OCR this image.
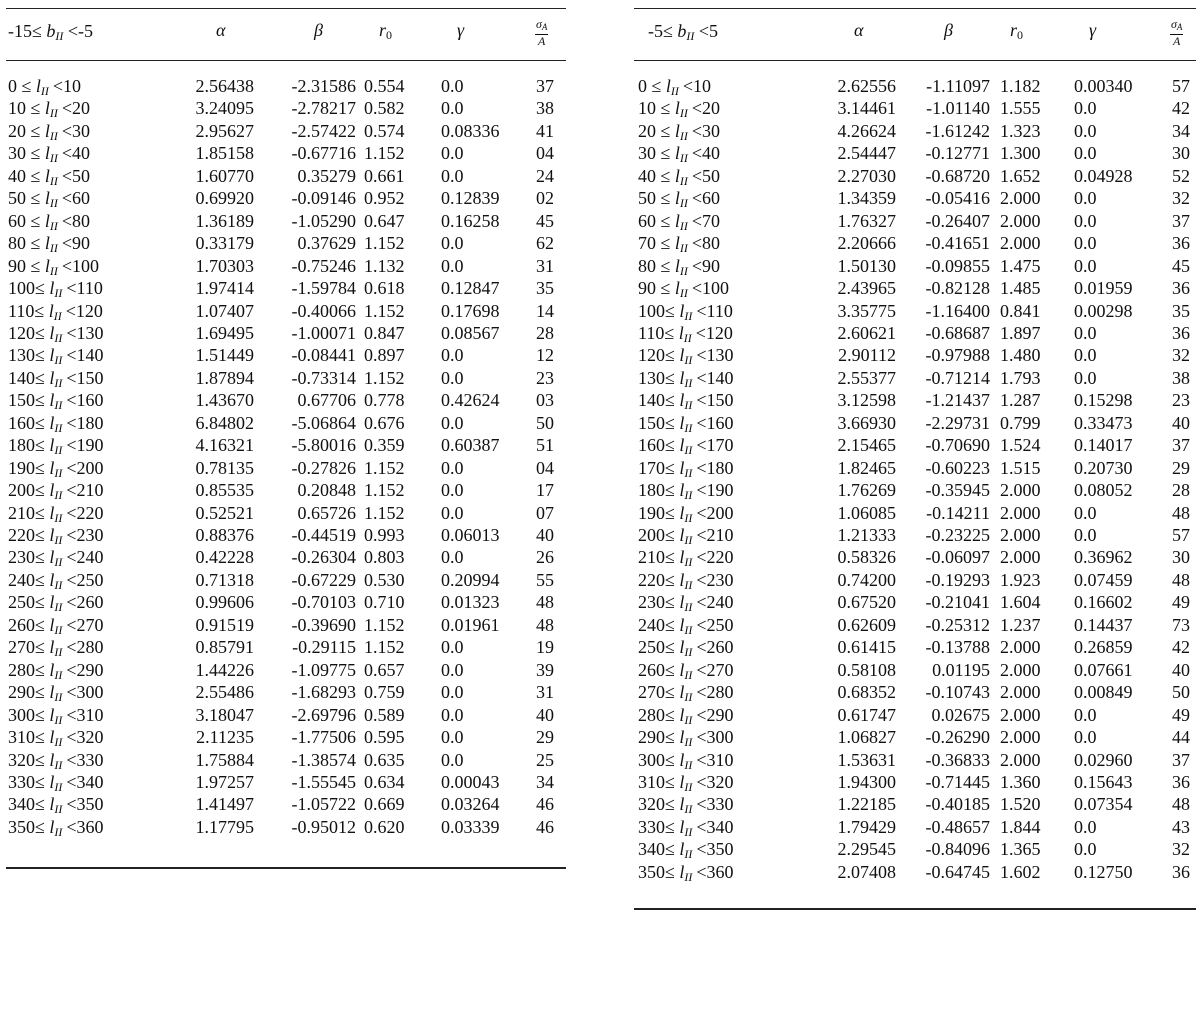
$-15\le b_{II} <-5$	α	β	$r_0$	γ	$\frac{\sigma_A}{A}$
$0 \le l_{II} <10$	2.56438 -2.31586 0.554 0.0	37
$10 \le l_{II} <20$	3.24095 -2.78217 0.582 0.0	38
$20 \le l_{II} <30$	2.95627 -2.57422 0.574 0.08336 41
$30 \le l_{II} <40$	1.85158 -0.67716 1.152 0.0	04
$40 \le l_{II} <50$	1.60770 0.35279 0.661 0.0	24
$50 \le l_{II} <60$	0.69920 -0.09146 0.952 0.12839 02
$60 \le l_{II} <80$	1.36189 -1.05290 0.647 0.16258 45
$80 \le l_{II} <90$	0.33179 0.37629 1.152 0.0	62
$90 \le l_{II} <100$	1.70303 -0.75246 1.132 0.0	31
$100\le l_{II} <110$	1.97414 -1.59784 0.618 0.12847 35
$110\le l_{II} <120$	1.07407 -0.40066 1.152 0.17698 14
$120\le l_{II} <130$	1.69495 -1.00071 0.847 0.08567 28
$130\le l_{II} <140$	1.51449 -0.08441 0.897 0.0	12
$140\le l_{II} <150$	1.87894 -0.73314 1.152 0.0	23
$150\le l_{II} <160$	1.43670 0.67706 0.778 0.42624 03
$160\le l_{II} <180$	6.84802 -5.06864 0.676 0.0	50
$180\le l_{II} <190$	4.16321 -5.80016 0.359 0.60387 51
$190\le l_{II} <200$	0.78135 -0.27826 1.152 0.0	04
$200\le l_{II} <210$	0.85535 0.20848 1.152 0.0	17
$210\le l_{II} <220$	0.52521 0.65726 1.152 0.0	07
$220\le l_{II} <230$	0.88376 -0.44519 0.993 0.06013 40
$230\le l_{II} <240$	0.42228 -0.26304 0.803 0.0	26
$240\le l_{II} <250$	0.71318 -0.67229 0.530 0.20994 55
$250\le l_{II} <260$	0.99606 -0.70103 0.710 0.01323 48
$260\le l_{II} <270$	0.91519 -0.39690 1.152 0.01961 48
$270\le l_{II} <280$	0.85791 -0.29115 1.152 0.0	19
$280\le l_{II} <290$	1.44226 -1.09775 0.657 0.0	39
$290\le l_{II} <300$	2.55486 -1.68293 0.759 0.0	31
$300\le l_{II} <310$	3.18047 -2.69796 0.589 0.0	40
$310\le l_{II} <320$	2.11235 -1.77506 0.595 0.0	29
$320\le l_{II} <330$	1.75884 -1.38574 0.635 0.0	25
$330\le l_{II} <340$	1.97257 -1.55545 0.634 0.00043 34
$340\le l_{II} <350$	1.41497 -1.05722 0.669 0.03264 46
$350\le l_{II} <360$	1.17795 -0.95012 0.620 0.03339 46
$-5\le b_{II} <5$	α	β	$r_0$	γ	$\frac{\sigma_A}{A}$
$0 \le l_{II} <10$	2.62556 -1.11097 1.182 0.00340 57
$10 \le l_{II} <20$	3.14461 -1.01140 1.555 0.0	42
$20 \le l_{II} <30$	4.26624 -1.61242 1.323 0.0	34
$30 \le l_{II} <40$	2.54447 -0.12771 1.300 0.0	30
$40 \le l_{II} <50$	2.27030 -0.68720 1.652 0.04928 52
$50 \le l_{II} <60$	1.34359 -0.05416 2.000 0.0	32
$60 \le l_{II} <70$	1.76327 -0.26407 2.000 0.0	37
$70 \le l_{II} <80$	2.20666 -0.41651 2.000 0.0	36
$80 \le l_{II} <90$	1.50130 -0.09855 1.475 0.0	45
$90 \le l_{II} <100$	2.43965 -0.82128 1.485 0.01959 36
$100\le l_{II} <110$	3.35775 -1.16400 0.841 0.00298 35
$110\le l_{II} <120$	2.60621 -0.68687 1.897 0.0	36
$120\le l_{II} <130$	2.90112 -0.97988 1.480 0.0	32
$130\le l_{II} <140$	2.55377 -0.71214 1.793 0.0	38
$140\le l_{II} <150$	3.12598 -1.21437 1.287 0.15298 23
$150\le l_{II} <160$	3.66930 -2.29731 0.799 0.33473 40
$160\le l_{II} <170$	2.15465 -0.70690 1.524 0.14017 37
$170\le l_{II} <180$	1.82465 -0.60223 1.515 0.20730 29
$180\le l_{II} <190$	1.76269 -0.35945 2.000 0.08052 28
$190\le l_{II} <200$	1.06085 -0.14211 2.000 0.0	48
$200\le l_{II} <210$	1.21333 -0.23225 2.000 0.0	57
$210\le l_{II} <220$	0.58326 -0.06097 2.000 0.36962 30
$220\le l_{II} <230$	0.74200 -0.19293 1.923 0.07459 48
$230\le l_{II} <240$	0.67520 -0.21041 1.604 0.16602 49
$240\le l_{II} <250$	0.62609 -0.25312 1.237 0.14437 73
$250\le l_{II} <260$	0.61415 -0.13788 2.000 0.26859 42
$260\le l_{II} <270$	0.58108 0.01195 2.000 0.07661 40
$270\le l_{II} <280$	0.68352 -0.10743 2.000 0.00849 50
$280\le l_{II} <290$	0.61747 0.02675 2.000 0.0	49
$290\le l_{II} <300$	1.06827 -0.26290 2.000 0.0	44
$300\le l_{II} <310$	1.53631 -0.36833 2.000 0.02960 37
$310\le l_{II} <320$	1.94300 -0.71445 1.360 0.15643 36
$320\le l_{II} <330$	1.22185 -0.40185 1.520 0.07354 48
$330\le l_{II} <340$	1.79429 -0.48657 1.844 0.0	43
$340\le l_{II} <350$	2.29545 -0.84096 1.365 0.0	32
$350\le l_{II} <360$	2.07408 -0.64745 1.602 0.12750 36
